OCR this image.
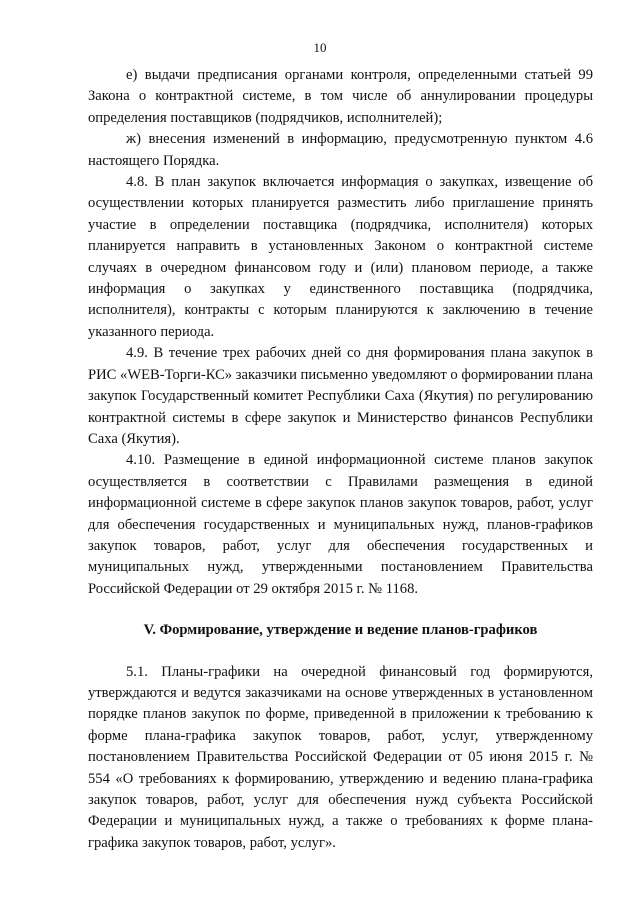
10

е) выдачи предписания органами контроля, определенными статьей 99 Закона о контрактной системе, в том числе об аннулировании процедуры определения поставщиков (подрядчиков, исполнителей);

ж) внесения изменений в информацию, предусмотренную пунктом 4.6 настоящего Порядка.

4.8. В план закупок включается информация о закупках, извещение об осуществлении которых планируется разместить либо приглашение принять участие в определении поставщика (подрядчика, исполнителя) которых планируется направить в установленных Законом о контрактной системе случаях в очередном финансовом году и (или) плановом периоде, а также информация о закупках у единственного поставщика (подрядчика, исполнителя), контракты с которым планируются к заключению в течение указанного периода.

4.9. В течение трех рабочих дней со дня формирования плана закупок в РИС «WEB-Торги-КС» заказчики письменно уведомляют о формировании плана закупок Государственный комитет Республики Саха (Якутия) по регулированию контрактной системы в сфере закупок и Министерство финансов Республики Саха (Якутия).

4.10. Размещение в единой информационной системе планов закупок осуществляется в соответствии с Правилами размещения в единой информационной системе в сфере закупок планов закупок товаров, работ, услуг для обеспечения государственных и муниципальных нужд, планов-графиков закупок товаров, работ, услуг для обеспечения государственных и муниципальных нужд, утвержденными постановлением Правительства Российской Федерации от 29 октября 2015 г. № 1168.

V. Формирование, утверждение и ведение планов-графиков

5.1. Планы-графики на очередной финансовый год формируются, утверждаются и ведутся заказчиками на основе утвержденных в установленном порядке планов закупок по форме, приведенной в приложении к требованию к форме плана-графика закупок товаров, работ, услуг, утвержденному постановлением Правительства Российской Федерации от 05 июня 2015 г. № 554 «О требованиях к формированию, утверждению и ведению плана-графика закупок товаров, работ, услуг для обеспечения нужд субъекта Российской Федерации и муниципальных нужд, а также о требованиях к форме плана-графика закупок товаров, работ, услуг».
